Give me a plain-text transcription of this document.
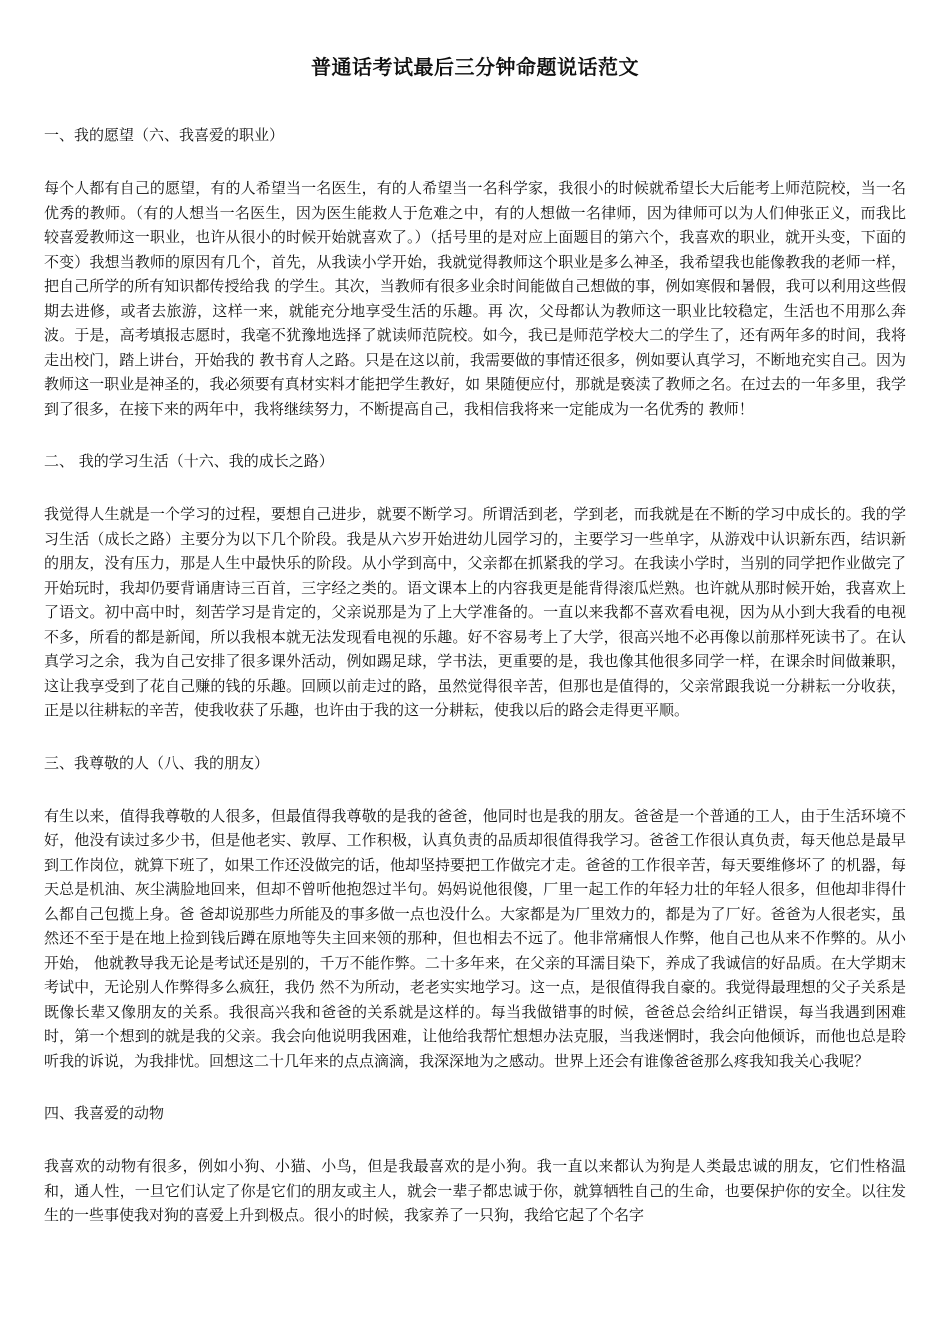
普通话考试最后三分钟命题说话范文

一、我的愿望（六、我喜爱的职业）

每个人都有自己的愿望，有的人希望当一名医生，有的人希望当一名科学家，我很小的时候就希望长大后能考上师范院校，当一名优秀的教师。（有的人想当一名医生，因为医生能救人于危难之中，有的人想做一名律师，因为律师可以为人们伸张正义，而我比较喜爱教师这一职业，也许从很小的时候开始就喜欢了。）（括号里的是对应上面题目的第六个，我喜欢的职业，就开头变，下面的不变）我想当教师的原因有几个，首先，从我读小学开始，我就觉得教师这个职业是多么神圣，我希望我也能像教我的老师一样，把自己所学的所有知识都传授给我 的学生。其次，当教师有很多业余时间能做自己想做的事，例如寒假和暑假，我可以利用这些假期去进修，或者去旅游，这样一来，就能充分地享受生活的乐趣。再 次，父母都认为教师这一职业比较稳定，生活也不用那么奔波。于是，高考填报志愿时，我毫不犹豫地选择了就读师范院校。如今，我已是师范学校大二的学生了，还有两年多的时间，我将走出校门，踏上讲台，开始我的 教书育人之路。只是在这以前，我需要做的事情还很多，例如要认真学习，不断地充实自己。因为教师这一职业是神圣的，我必须要有真材实料才能把学生教好，如 果随便应付，那就是亵渎了教师之名。在过去的一年多里，我学到了很多，在接下来的两年中，我将继续努力，不断提高自己，我相信我将来一定能成为一名优秀的 教师！

二、 我的学习生活（十六、我的成长之路）

我觉得人生就是一个学习的过程，要想自己进步，就要不断学习。所谓活到老，学到老，而我就是在不断的学习中成长的。我的学习生活（成长之路）主要分为以下几个阶段。我是从六岁开始进幼儿园学习的，主要学习一些单字，从游戏中认识新东西，结识新的朋友，没有压力，那是人生中最快乐的阶段。从小学到高中，父亲都在抓紧我的学习。在我读小学时，当别的同学把作业做完了开始玩时，我却仍要背诵唐诗三百首，三字经之类的。语文课本上的内容我更是能背得滚瓜烂熟。也许就从那时候开始，我喜欢上了语文。初中高中时，刻苦学习是肯定的，父亲说那是为了上大学准备的。一直以来我都不喜欢看电视，因为从小到大我看的电视不多，所看的都是新闻，所以我根本就无法发现看电视的乐趣。好不容易考上了大学，很高兴地不必再像以前那样死读书了。在认真学习之余，我为自己安排了很多课外活动，例如踢足球，学书法，更重要的是，我也像其他很多同学一样，在课余时间做兼职，这让我享受到了花自己赚的钱的乐趣。回顾以前走过的路，虽然觉得很辛苦，但那也是值得的，父亲常跟我说一分耕耘一分收获，正是以往耕耘的辛苦，使我收获了乐趣，也许由于我的这一分耕耘，使我以后的路会走得更平顺。

三、我尊敬的人（八、我的朋友）

有生以来，值得我尊敬的人很多，但最值得我尊敬的是我的爸爸，他同时也是我的朋友。爸爸是一个普通的工人，由于生活环境不好，他没有读过多少书，但是他老实、敦厚、工作积极，认真负责的品质却很值得我学习。爸爸工作很认真负责，每天他总是最早到工作岗位，就算下班了，如果工作还没做完的话，他却坚持要把工作做完才走。爸爸的工作很辛苦，每天要维修坏了 的机器，每天总是机油、灰尘满脸地回来，但却不曾听他抱怨过半句。妈妈说他很傻，厂里一起工作的年轻力壮的年轻人很多，但他却非得什么都自己包揽上身。爸 爸却说那些力所能及的事多做一点也没什么。大家都是为厂里效力的，都是为了厂好。爸爸为人很老实，虽然还不至于是在地上捡到钱后蹲在原地等失主回来领的那种，但也相去不远了。他非常痛恨人作弊，他自己也从来不作弊的。从小开始， 他就教导我无论是考试还是别的，千万不能作弊。二十多年来，在父亲的耳濡目染下，养成了我诚信的好品质。在大学期末考试中，无论别人作弊得多么疯狂，我仍 然不为所动，老老实实地学习。这一点，是很值得我自豪的。我觉得最理想的父子关系是既像长辈又像朋友的关系。我很高兴我和爸爸的关系就是这样的。每当我做错事的时候，爸爸总会给纠正错误，每当我遇到困难 时，第一个想到的就是我的父亲。我会向他说明我困难，让他给我帮忙想想办法克服，当我迷惘时，我会向他倾诉，而他也总是聆听我的诉说，为我排忧。回想这二十几年来的点点滴滴，我深深地为之感动。世界上还会有谁像爸爸那么疼我知我关心我呢？

四、我喜爱的动物

我喜欢的动物有很多，例如小狗、小猫、小鸟，但是我最喜欢的是小狗。我一直以来都认为狗是人类最忠诚的朋友，它们性格温和，通人性，一旦它们认定了你是它们的朋友或主人，就会一辈子都忠诚于你，就算牺牲自己的生命，也要保护你的安全。以往发生的一些事使我对狗的喜爱上升到极点。很小的时候，我家养了一只狗，我给它起了个名字
